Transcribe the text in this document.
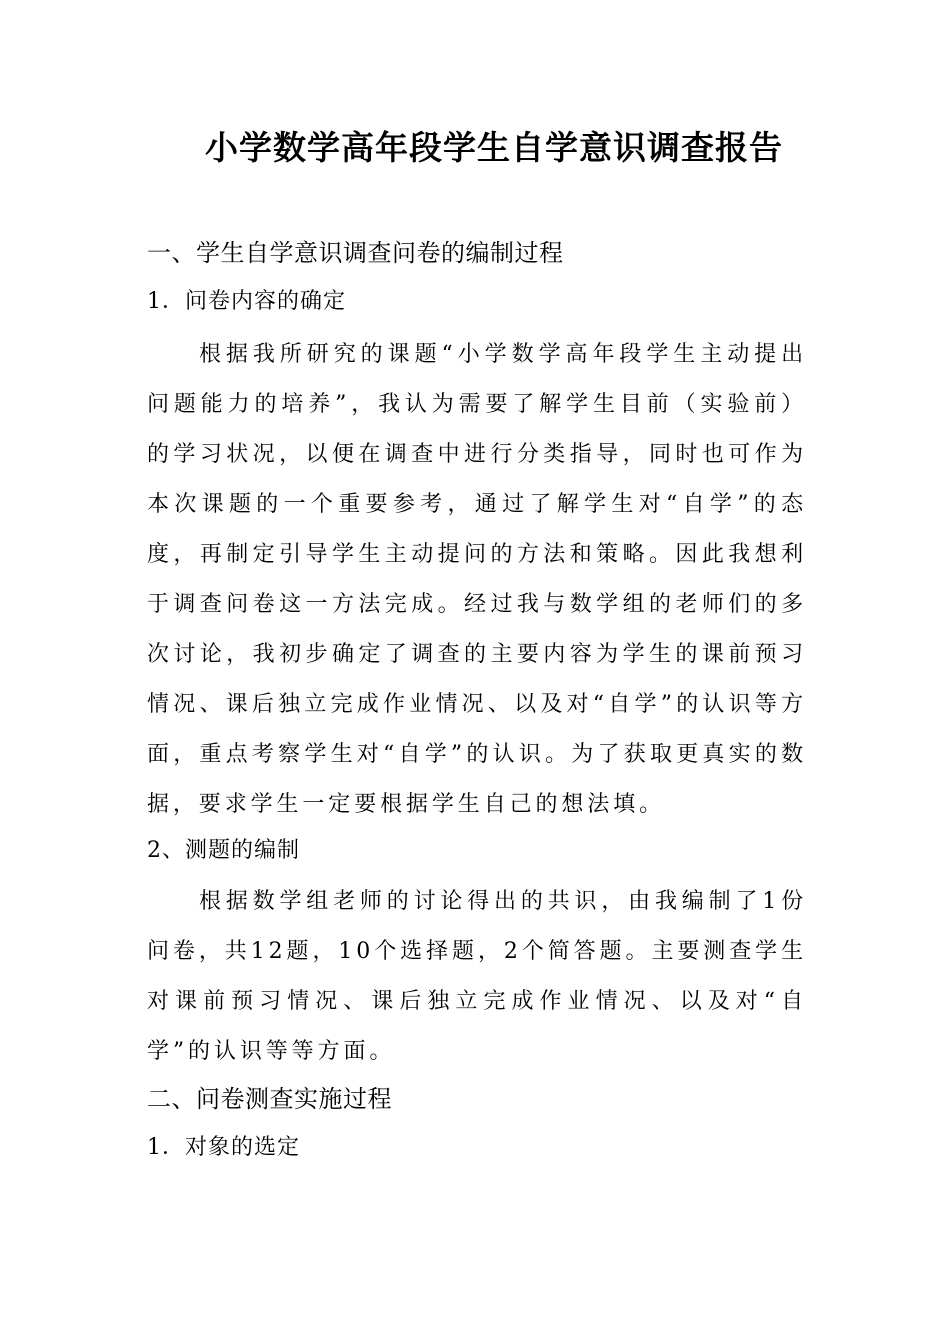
小学数学高年段学生自学意识调查报告
一、学生自学意识调查问卷的编制过程
1．问卷内容的确定

根据我所研究的课题“小学数学高年段学生主动提出问题能力的培养”，我认为需要了解学生目前（实验前）的学习状况，以便在调查中进行分类指导，同时也可作为本次课题的一个重要参考，通过了解学生对“自学”的态度，再制定引导学生主动提问的方法和策略。因此我想利于调查问卷这一方法完成。经过我与数学组的老师们的多次讨论，我初步确定了调查的主要内容为学生的课前预习情况、课后独立完成作业情况、以及对“自学”的认识等方面，重点考察学生对“自学”的认识。为了获取更真实的数据，要求学生一定要根据学生自己的想法填。

2、测题的编制

根据数学组老师的讨论得出的共识，由我编制了1份问卷，共12题，10个选择题，2个简答题。主要测查学生对课前预习情况、课后独立完成作业情况、以及对“自学”的认识等等方面。

二、问卷测查实施过程
1．对象的选定
